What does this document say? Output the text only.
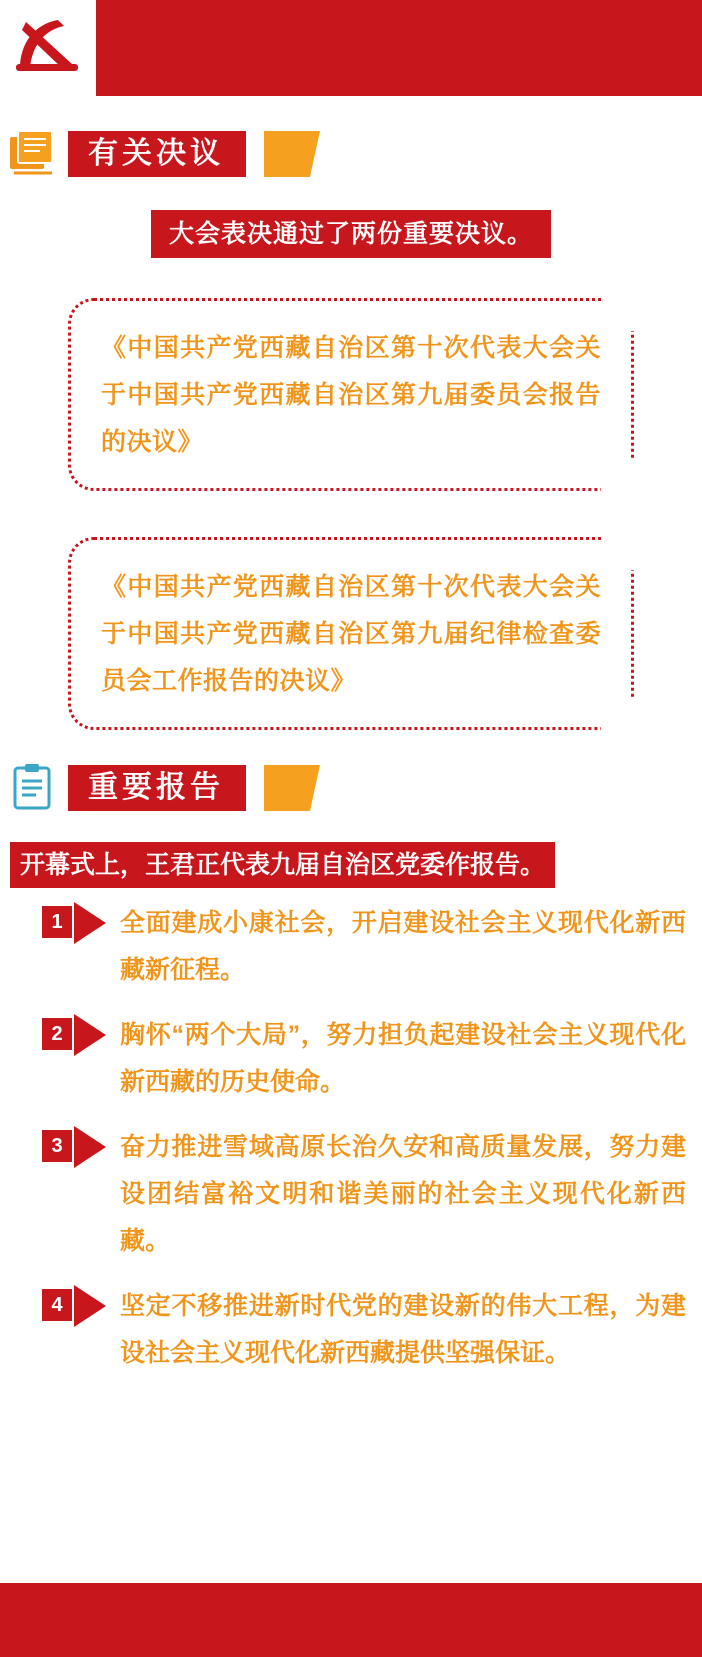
有关决议
大会表决通过了两份重要决议。
《中国共产党西藏自治区第十次代表大会关于中国共产党西藏自治区第九届委员会报告的决议》
《中国共产党西藏自治区第十次代表大会关于中国共产党西藏自治区第九届纪律检查委员会工作报告的决议》
重要报告
开幕式上，王君正代表九届自治区党委作报告。
1	全面建成小康社会，开启建设社会主义现代化新西藏新征程。
2	胸怀“两个大局”，努力担负起建设社会主义现代化新西藏的历史使命。
3	奋力推进雪域高原长治久安和高质量发展，努力建设团结富裕文明和谐美丽的社会主义现代化新西藏。
4	坚定不移推进新时代党的建设新的伟大工程，为建设社会主义现代化新西藏提供坚强保证。
